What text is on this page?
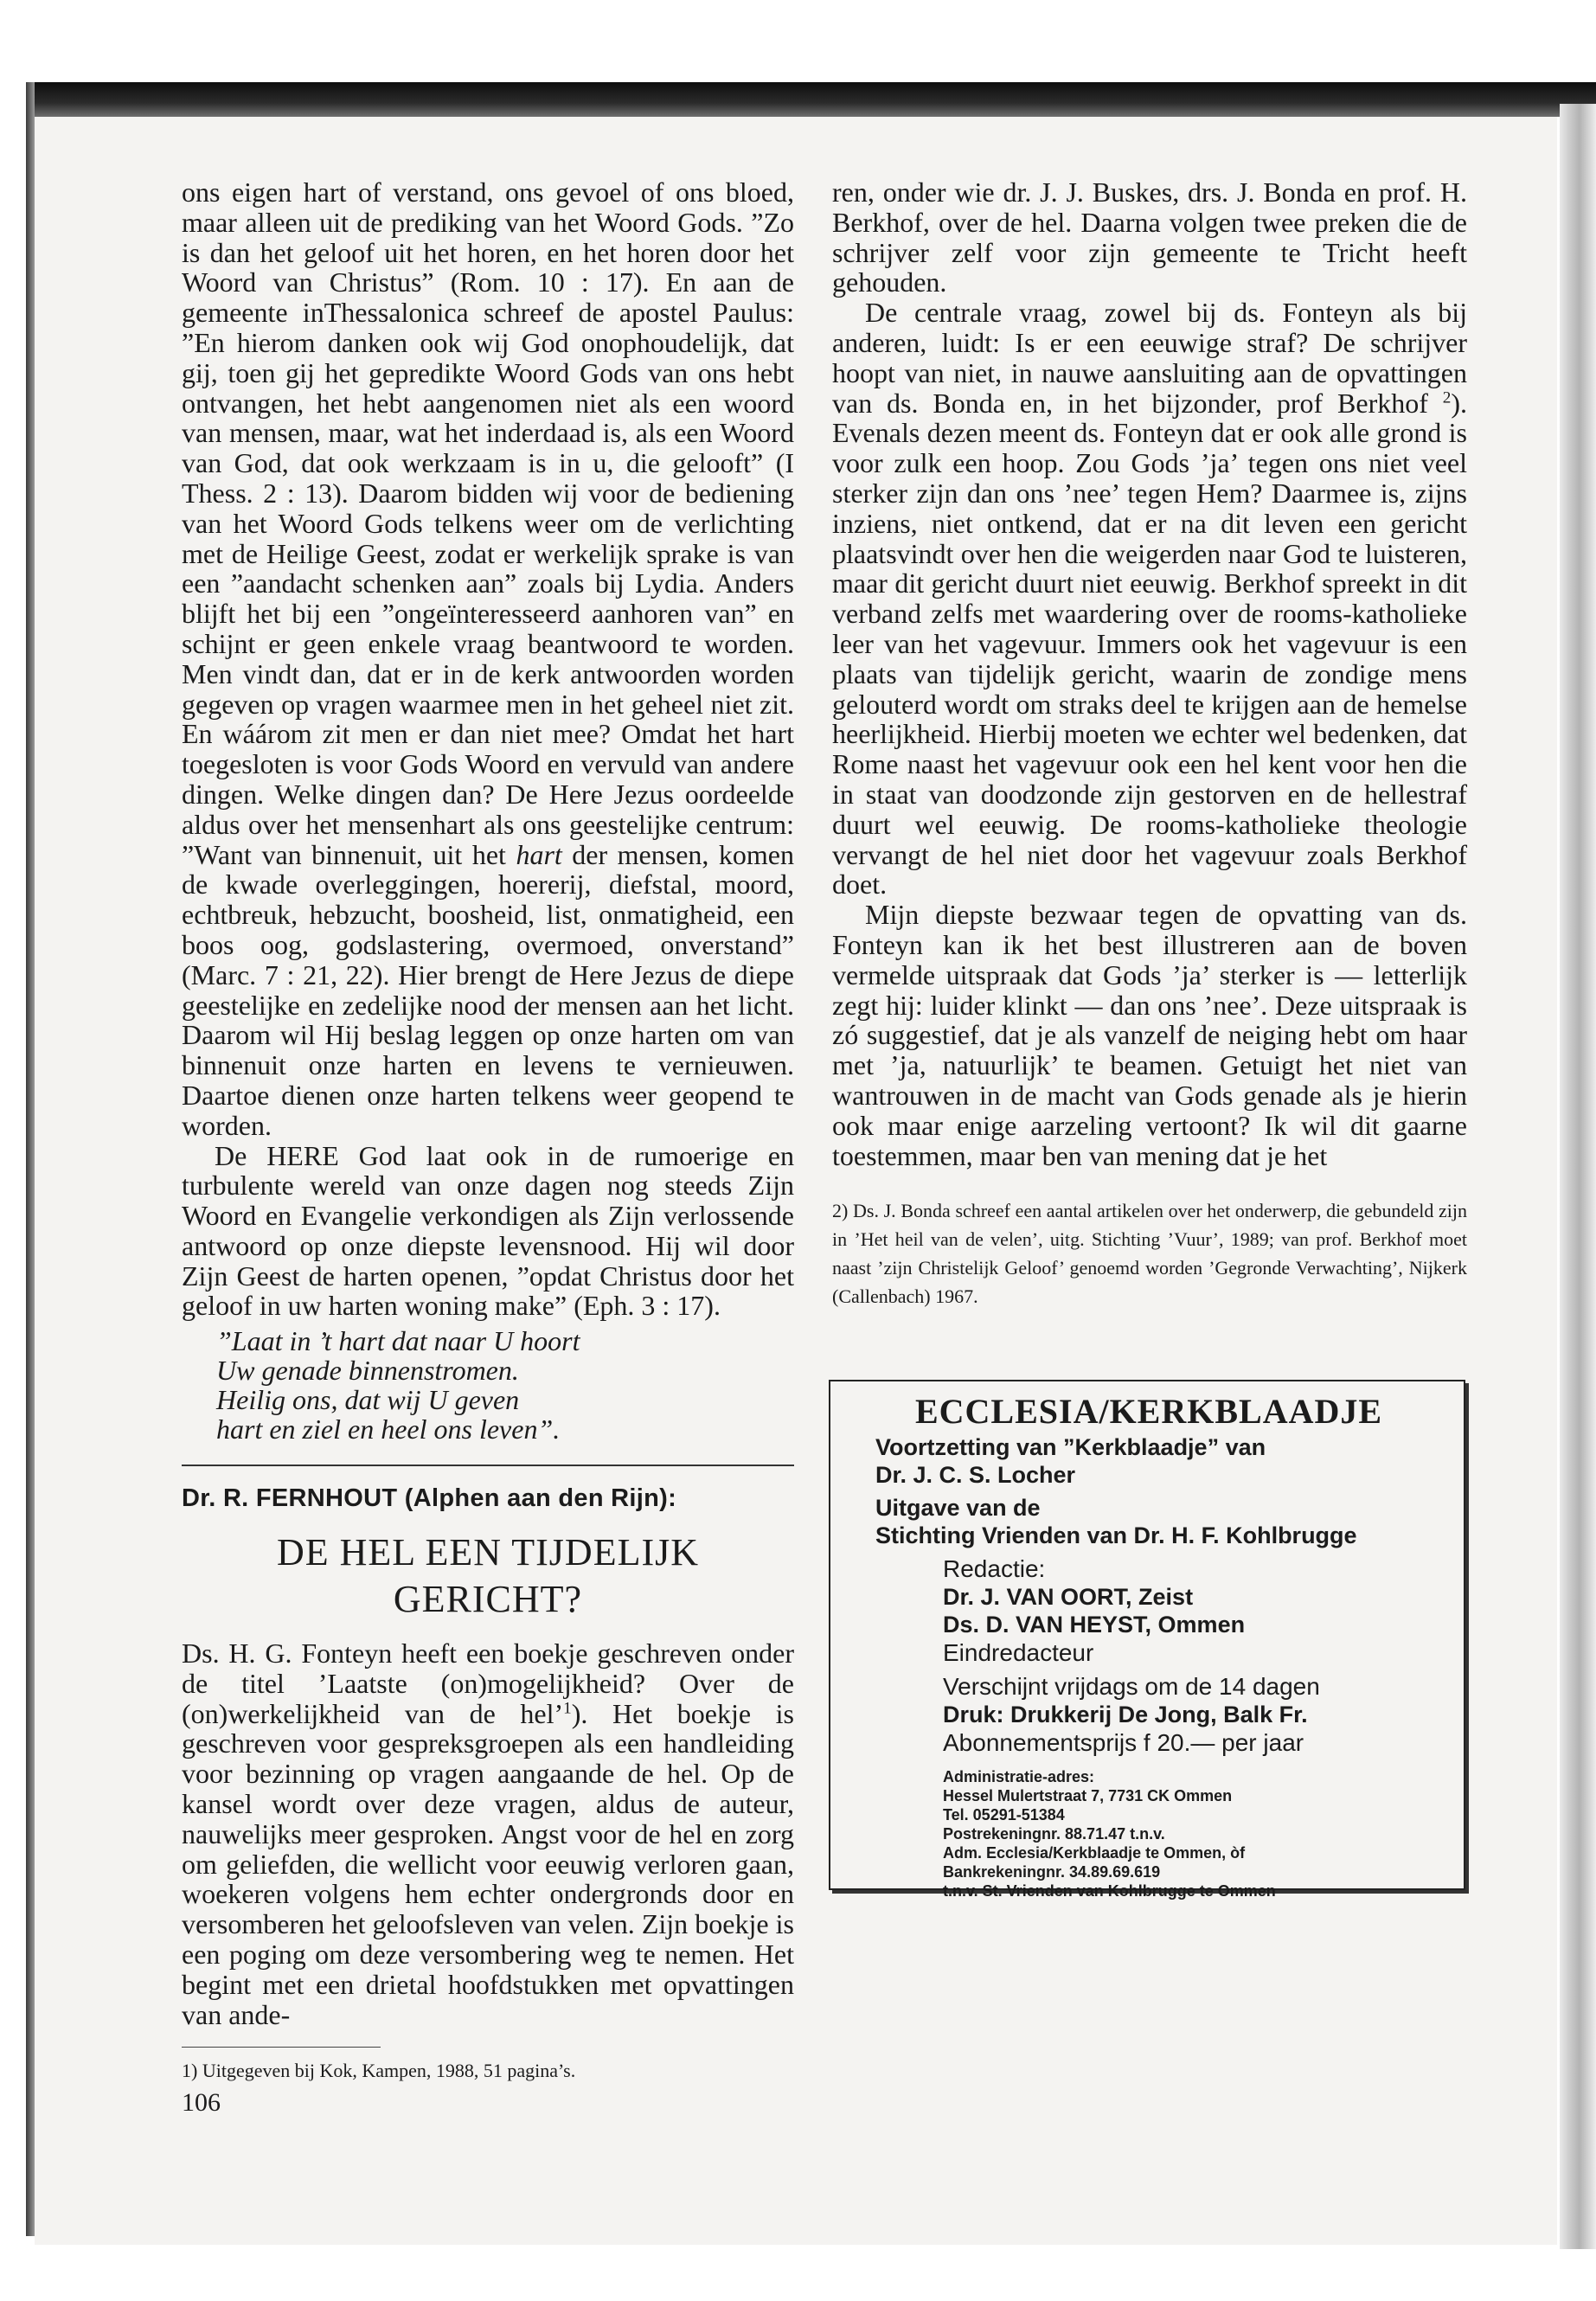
ons eigen hart of verstand, ons gevoel of ons bloed, maar alleen uit de prediking van het Woord Gods. ”Zo is dan het geloof uit het horen, en het horen door het Woord van Christus” (Rom. 10 : 17). En aan de gemeente inThessalonica schreef de apostel Paulus: ”En hierom danken ook wij God onophoudelijk, dat gij, toen gij het gepredikte Woord Gods van ons hebt ontvangen, het hebt aangenomen niet als een woord van mensen, maar, wat het inderdaad is, als een Woord van God, dat ook werkzaam is in u, die gelooft” (I Thess. 2 : 13). Daarom bidden wij voor de bediening van het Woord Gods telkens weer om de verlichting met de Heilige Geest, zodat er werkelijk sprake is van een ”aandacht schenken aan” zoals bij Lydia. Anders blijft het bij een ”ongeïnteresseerd aanhoren van” en schijnt er geen enkele vraag beantwoord te worden. Men vindt dan, dat er in de kerk antwoorden worden gegeven op vragen waarmee men in het geheel niet zit. En wáárom zit men er dan niet mee? Omdat het hart toegesloten is voor Gods Woord en vervuld van andere dingen. Welke dingen dan? De Here Jezus oordeelde aldus over het mensenhart als ons geestelijke centrum: ”Want van binnenuit, uit het hart der mensen, komen de kwade overleggingen, hoererij, diefstal, moord, echtbreuk, hebzucht, boosheid, list, onmatigheid, een boos oog, godslastering, overmoed, onverstand” (Marc. 7 : 21, 22). Hier brengt de Here Jezus de diepe geestelijke en zedelijke nood der mensen aan het licht. Daarom wil Hij beslag leggen op onze harten om van binnenuit onze harten en levens te vernieuwen. Daartoe dienen onze harten telkens weer geopend te worden.

De HERE God laat ook in de rumoerige en turbulente wereld van onze dagen nog steeds Zijn Woord en Evangelie verkondigen als Zijn verlossende antwoord op onze diepste levensnood. Hij wil door Zijn Geest de harten openen, ”opdat Christus door het geloof in uw harten woning make” (Eph. 3 : 17).

”Laat in ’t hart dat naar U hoort
Uw genade binnenstromen.
Heilig ons, dat wij U geven
hart en ziel en heel ons leven”.
Dr. R. FERNHOUT (Alphen aan den Rijn):
DE HEL EEN TIJDELIJK
GERICHT?

Ds. H. G. Fonteyn heeft een boekje geschreven onder de titel ’Laatste (on)mogelijkheid? Over de (on)werkelijkheid van de hel’$^1$). Het boekje is geschreven voor gespreksgroepen als een handleiding voor bezinning op vragen aangaande de hel. Op de kansel wordt over deze vragen, aldus de auteur, nauwelijks meer gesproken. Angst voor de hel en zorg om geliefden, die wellicht voor eeuwig verloren gaan, woekeren volgens hem echter ondergronds door en versomberen het geloofsleven van velen. Zijn boekje is een poging om deze versombering weg te nemen. Het begint met een drietal hoofdstukken met opvattingen van ande-

1) Uitgegeven bij Kok, Kampen, 1988, 51 pagina’s.
106

ren, onder wie dr. J. J. Buskes, drs. J. Bonda en prof. H. Berkhof, over de hel. Daarna volgen twee preken die de schrijver zelf voor zijn gemeente te Tricht heeft gehouden.

De centrale vraag, zowel bij ds. Fonteyn als bij anderen, luidt: Is er een eeuwige straf? De schrijver hoopt van niet, in nauwe aansluiting aan de opvattingen van ds. Bonda en, in het bijzonder, prof Berkhof $^2$). Evenals dezen meent ds. Fonteyn dat er ook alle grond is voor zulk een hoop. Zou Gods ’ja’ tegen ons niet veel sterker zijn dan ons ’nee’ tegen Hem? Daarmee is, zijns inziens, niet ontkend, dat er na dit leven een gericht plaatsvindt over hen die weigerden naar God te luisteren, maar dit gericht duurt niet eeuwig. Berkhof spreekt in dit verband zelfs met waardering over de rooms-katholieke leer van het vagevuur. Immers ook het vagevuur is een plaats van tijdelijk gericht, waarin de zondige mens gelouterd wordt om straks deel te krijgen aan de hemelse heerlijkheid. Hierbij moeten we echter wel bedenken, dat Rome naast het vagevuur ook een hel kent voor hen die in staat van doodzonde zijn gestorven en de hellestraf duurt wel eeuwig. De rooms-katholieke theologie vervangt de hel niet door het vagevuur zoals Berkhof doet.

Mijn diepste bezwaar tegen de opvatting van ds. Fonteyn kan ik het best illustreren aan de boven vermelde uitspraak dat Gods ’ja’ sterker is — letterlijk zegt hij: luider klinkt — dan ons ’nee’. Deze uitspraak is zó suggestief, dat je als vanzelf de neiging hebt om haar met ’ja, natuurlijk’ te beamen. Getuigt het niet van wantrouwen in de macht van Gods genade als je hierin ook maar enige aarzeling vertoont? Ik wil dit gaarne toestemmen, maar ben van mening dat je het

2) Ds. J. Bonda schreef een aantal artikelen over het onderwerp, die gebundeld zijn in ’Het heil van de velen’, uitg. Stichting ’Vuur’, 1989; van prof. Berkhof moet naast ’zijn Christelijk Geloof’ genoemd worden ’Gegronde Verwachting’, Nijkerk (Callenbach) 1967.
ECCLESIA/KERKBLAADJE
Voortzetting van ”Kerkblaadje” van
Dr. J. C. S. Locher
Uitgave van de
Stichting Vrienden van Dr. H. F. Kohlbrugge
Redactie:
Dr. J. VAN OORT, Zeist
Ds. D. VAN HEYST, Ommen
Eindredacteur
Verschijnt vrijdags om de 14 dagen
Druk: Drukkerij De Jong, Balk Fr.
Abonnementsprijs f 20.— per jaar
Administratie-adres:
Hessel Mulertstraat 7, 7731 CK Ommen
Tel. 05291-51384
Postrekeningnr. 88.71.47 t.n.v.
Adm. Ecclesia/Kerkblaadje te Ommen, òf
Bankrekeningnr. 34.89.69.619
t.n.v. St. Vrienden van Kohlbrugge te Ommen
